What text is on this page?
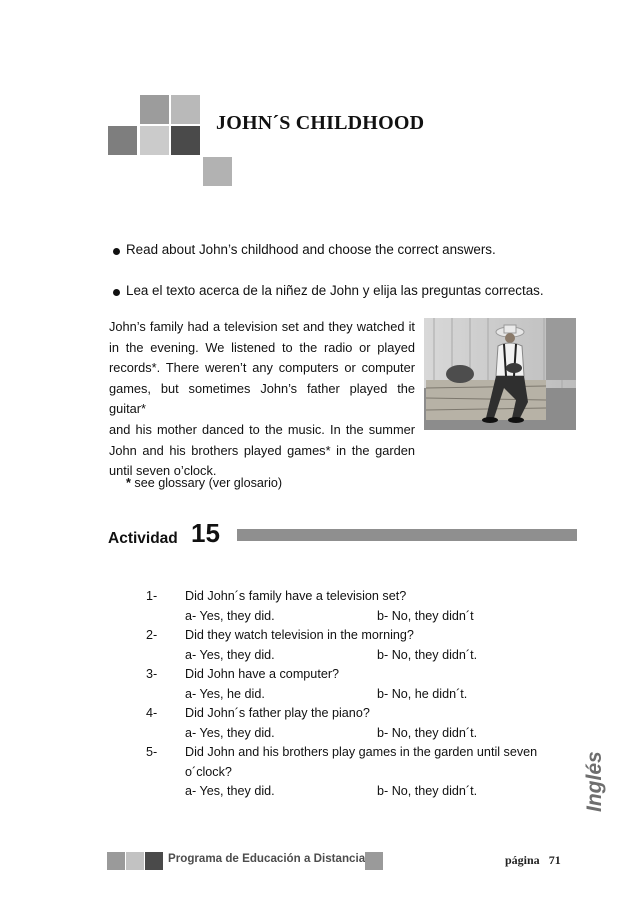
JOHN´S CHILDHOOD
Read about John’s childhood and choose the correct answers.
Lea el texto acerca de la niñez de John y elija las preguntas correctas.
John’s family had a television set and they watched it
in the evening. We listened to the radio or played
records*. There weren’t any computers or computer
games, but sometimes John’s father played the guitar*
and his mother danced to the music. In the summer
John and his brothers played games* in the garden
until seven o’clock.
* see glossary (ver glosario)
Actividad 15
1- Did John´s family have a television set?
a- Yes, they did.	b- No, they didn´t
2- Did they watch television in the morning?
a- Yes, they did.	b- No, they didn´t.
3- Did John have a computer?
a- Yes, he did.	b- No, he didn´t.
4- Did John´s father play the piano?
a- Yes, they did.	b- No, they didn´t.
5- Did John and his brothers play games in the garden until seven
o´clock?
a- Yes, they did.	b- No, they didn´t.	Inglés
Programa de Educación a Distancia	página 71
